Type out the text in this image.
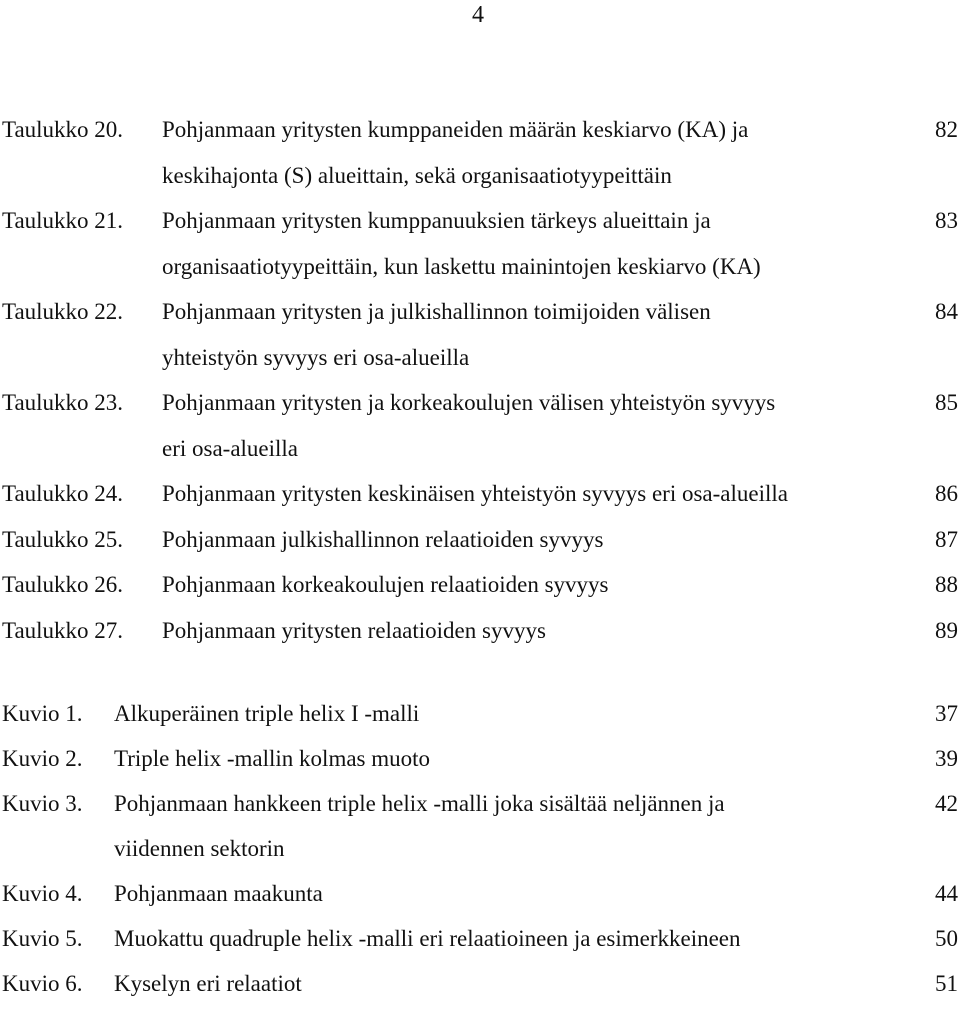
4
Taulukko 20. Pohjanmaan yritysten kumppaneiden määrän keskiarvo (KA) ja	82
keskihajonta (S) alueittain, sekä organisaatiotyypeittäin
Taulukko 21. Pohjanmaan yritysten kumppanuuksien tärkeys alueittain ja	83
organisaatiotyypeittäin, kun laskettu mainintojen keskiarvo (KA)
Taulukko 22. Pohjanmaan yritysten ja julkishallinnon toimijoiden välisen	84
yhteistyön syvyys eri osa-alueilla
Taulukko 23. Pohjanmaan yritysten ja korkeakoulujen välisen yhteistyön syvyys	85
eri osa-alueilla
Taulukko 24. Pohjanmaan yritysten keskinäisen yhteistyön syvyys eri osa-alueilla	86
Taulukko 25. Pohjanmaan julkishallinnon relaatioiden syvyys	87
Taulukko 26. Pohjanmaan korkeakoulujen relaatioiden syvyys	88
Taulukko 27. Pohjanmaan yritysten relaatioiden syvyys	89
Kuvio 1. Alkuperäinen triple helix I -malli	37
Kuvio 2. Triple helix -mallin kolmas muoto	39
Kuvio 3. Pohjanmaan hankkeen triple helix -malli joka sisältää neljännen ja	42
viidennen sektorin
Kuvio 4. Pohjanmaan maakunta	44
Kuvio 5. Muokattu quadruple helix -malli eri relaatioineen ja esimerkkeineen	50
Kuvio 6. Kyselyn eri relaatiot	51
